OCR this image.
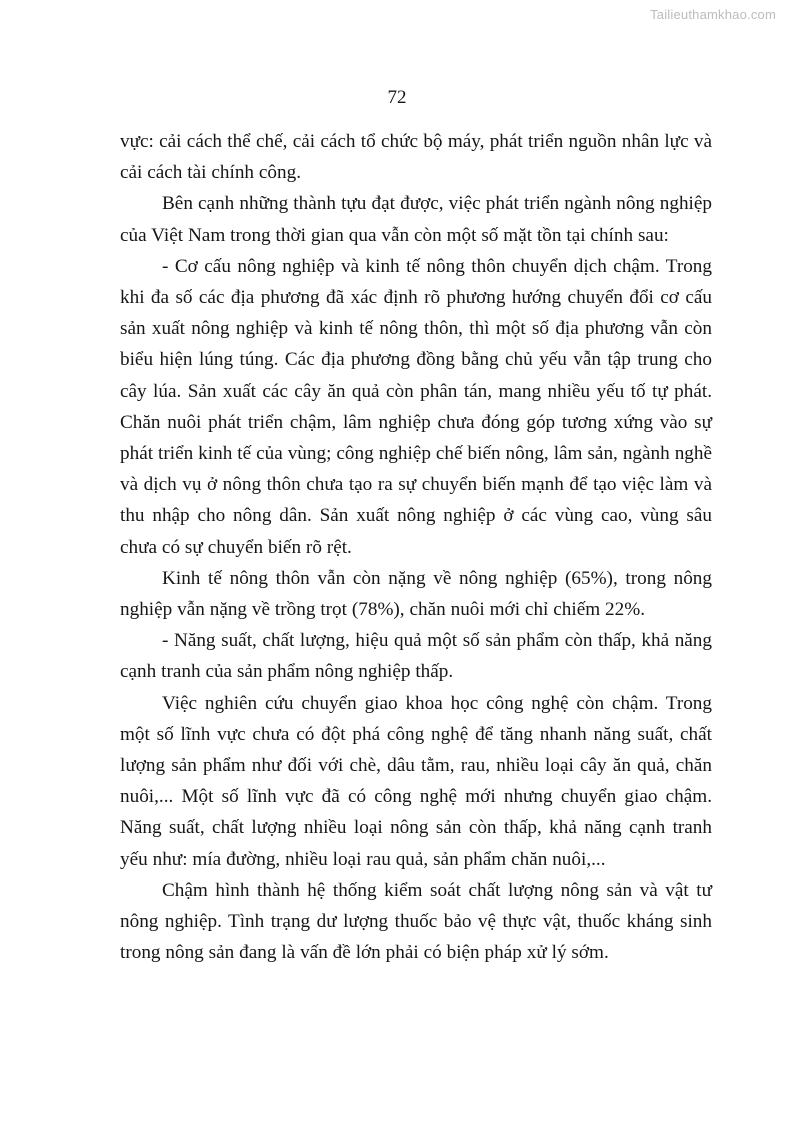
Tailieuthamkhao.com
72

vực: cải cách thể chế, cải cách tổ chức bộ máy, phát triển nguồn nhân lực và cải cách tài chính công.

Bên cạnh những thành tựu đạt được, việc phát triển ngành nông nghiệp của Việt Nam trong thời gian qua vẫn còn một số mặt tồn tại chính sau:

- Cơ cấu nông nghiệp và kinh tế nông thôn chuyển dịch chậm. Trong khi đa số các địa phương đã xác định rõ phương hướng chuyển đổi cơ cấu sản xuất nông nghiệp và kinh tế nông thôn, thì một số địa phương vẫn còn biểu hiện lúng túng. Các địa phương đồng bằng chủ yếu vẫn tập trung cho cây lúa. Sản xuất các cây ăn quả còn phân tán, mang nhiều yếu tố tự phát. Chăn nuôi phát triển chậm, lâm nghiệp chưa đóng góp tương xứng vào sự phát triển kinh tế của vùng; công nghiệp chế biến nông, lâm sản, ngành nghề và dịch vụ ở nông thôn chưa tạo ra sự chuyển biến mạnh để tạo việc làm và thu nhập cho nông dân. Sản xuất nông nghiệp ở các vùng cao, vùng sâu chưa có sự chuyển biến rõ rệt.

Kinh tế nông thôn vẫn còn nặng về nông nghiệp (65%), trong nông nghiệp vẫn nặng về trồng trọt (78%), chăn nuôi mới chỉ chiếm 22%.

- Năng suất, chất lượng, hiệu quả một số sản phẩm còn thấp, khả năng cạnh tranh của sản phẩm nông nghiệp thấp.

Việc nghiên cứu chuyển giao khoa học công nghệ còn chậm. Trong một số lĩnh vực chưa có đột phá công nghệ để tăng nhanh năng suất, chất lượng sản phẩm như đối với chè, dâu tằm, rau, nhiều loại cây ăn quả, chăn nuôi,... Một số lĩnh vực đã có công nghệ mới nhưng chuyển giao chậm. Năng suất, chất lượng nhiều loại nông sản còn thấp, khả năng cạnh tranh yếu như: mía đường, nhiều loại rau quả, sản phẩm chăn nuôi,...

Chậm hình thành hệ thống kiểm soát chất lượng nông sản và vật tư nông nghiệp. Tình trạng dư lượng thuốc bảo vệ thực vật, thuốc kháng sinh trong nông sản đang là vấn đề lớn phải có biện pháp xử lý sớm.
